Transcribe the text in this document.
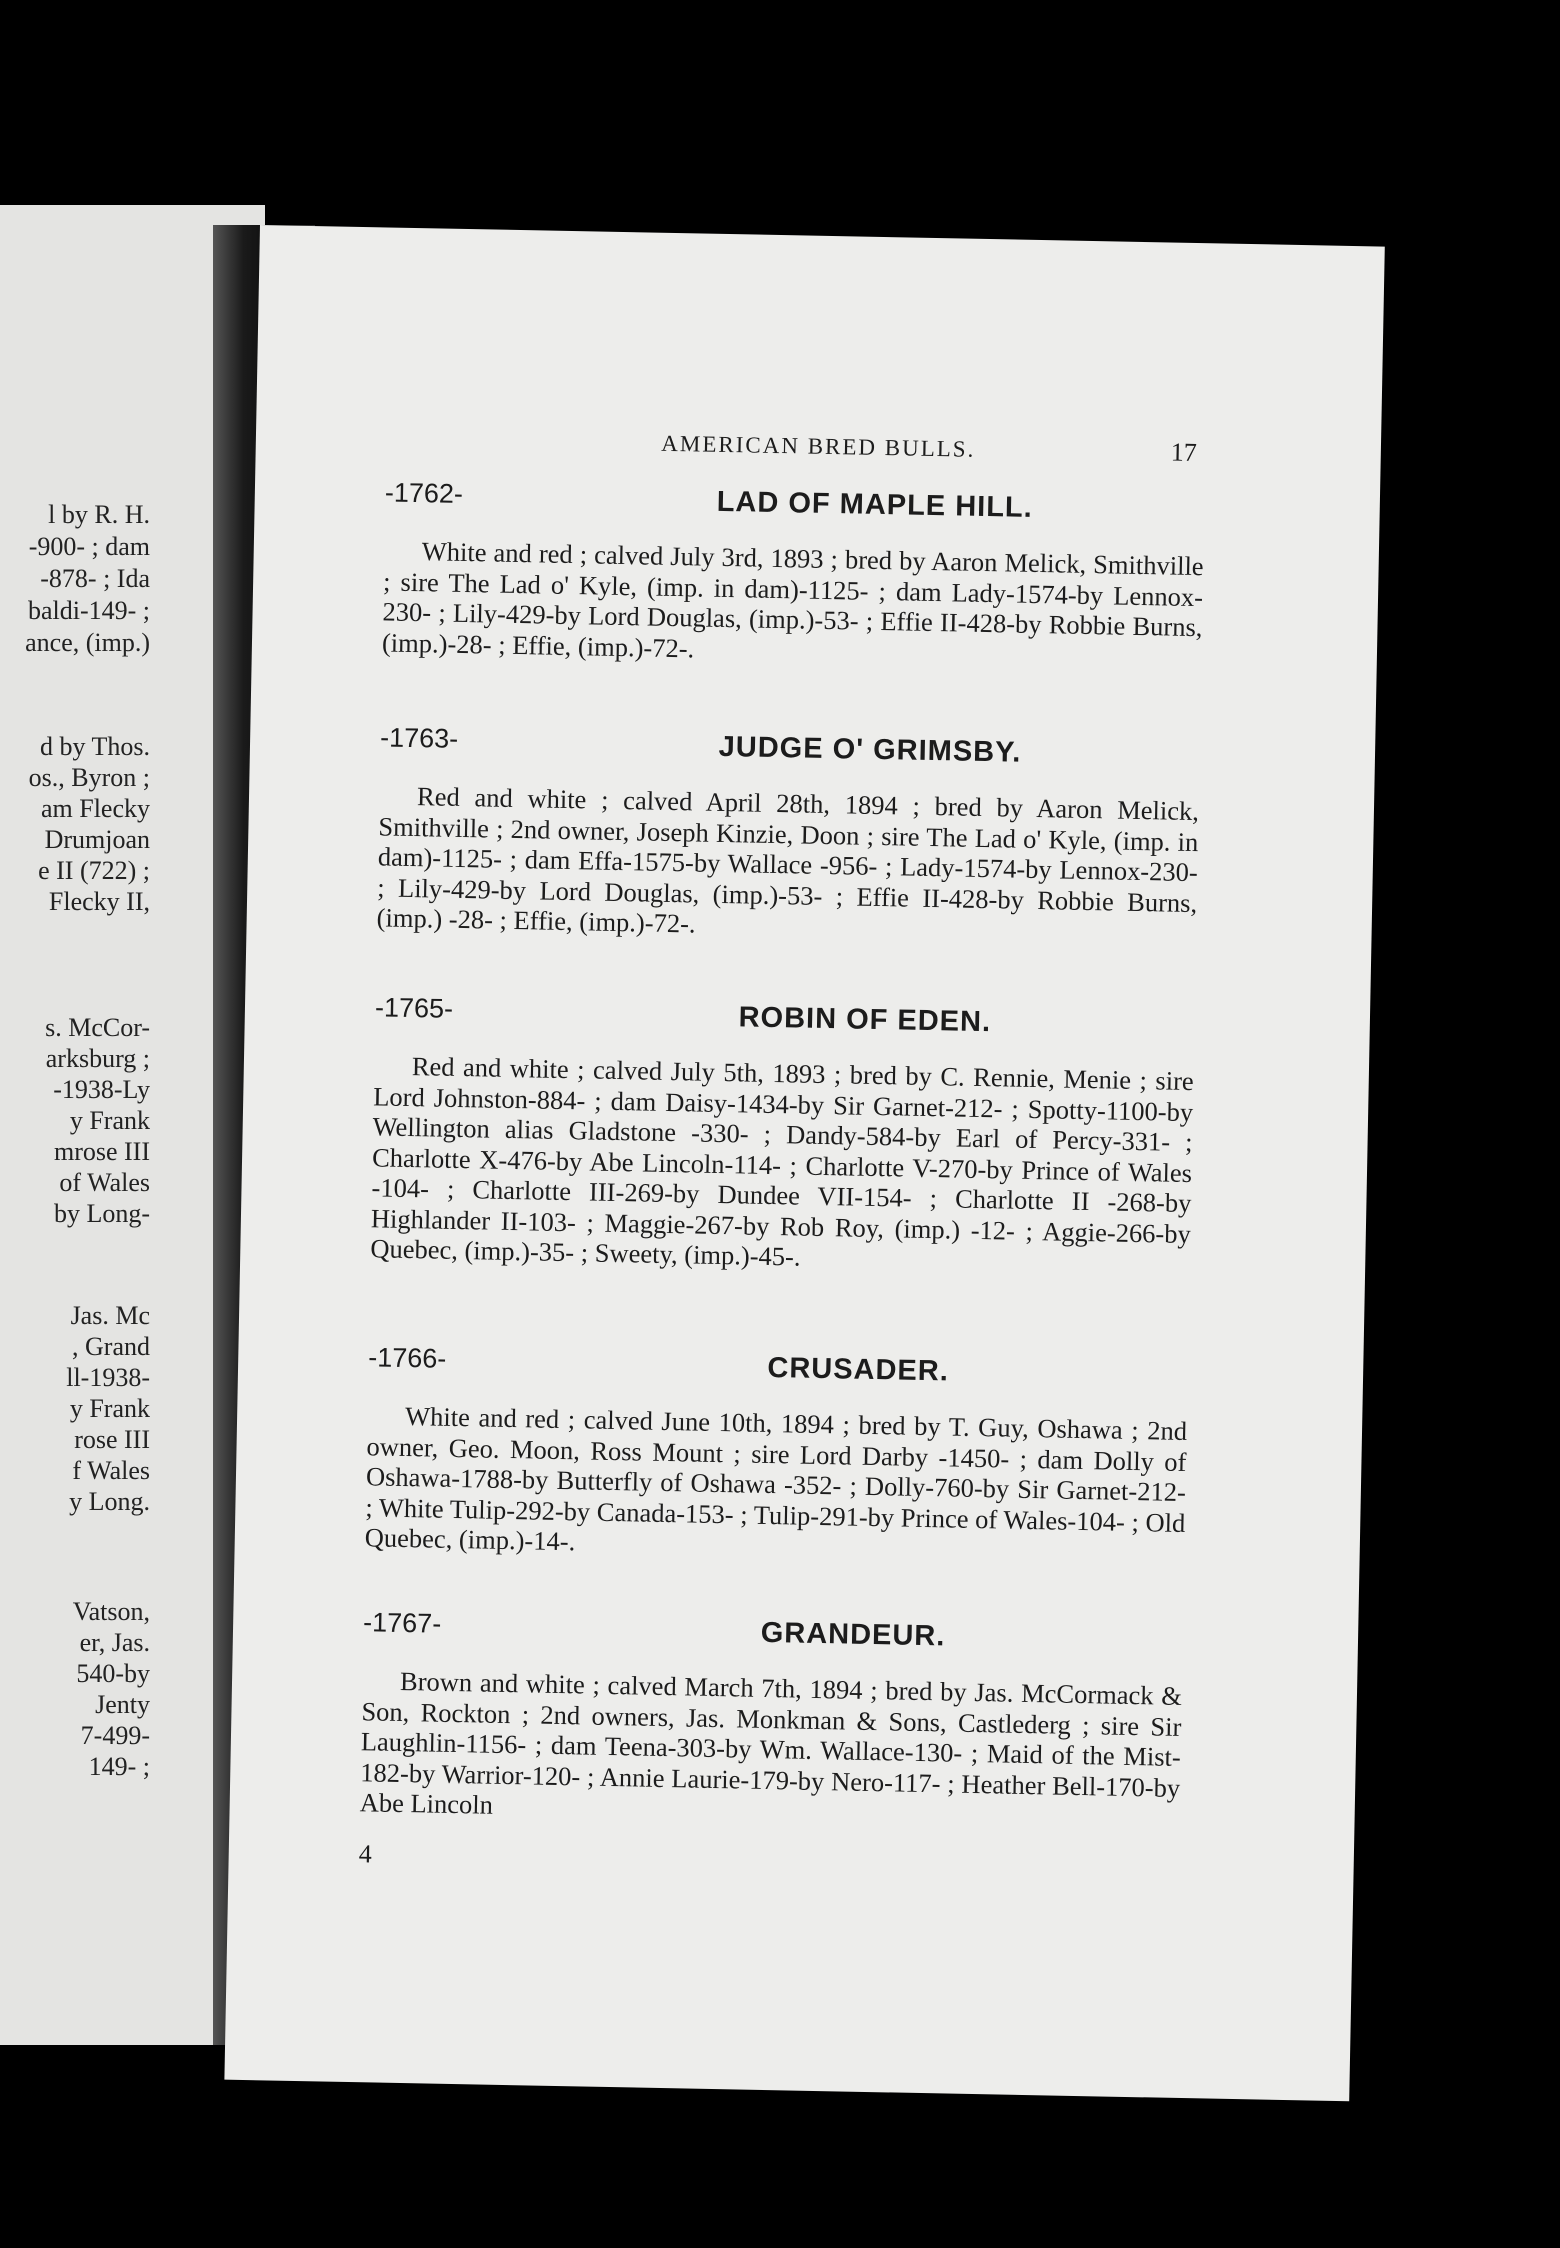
l by R. H.
-900- ; dam
-878- ; Ida
baldi-149- ;
ance, (imp.)
d by Thos.
os., Byron ;
am Flecky
Drumjoan
e II (722) ;
Flecky II,
s. McCor-
arksburg ;
-1938-Ly
y Frank
mrose III
of Wales
by Long-
Jas. Mc
, Grand
ll-1938-
y Frank
rose III
f Wales
y Long.
Vatson,
er, Jas.
540-by
Jenty
7-499-
149- ;
AMERICAN BRED BULLS.	17
-1762-	LAD OF MAPLE HILL.
White and red ; calved July 3rd, 1893 ; bred by Aaron Melick, Smithville ; sire The Lad o' Kyle, (imp. in dam)-1125- ; dam Lady-1574-by Lennox-230- ; Lily-429-by Lord Douglas, (imp.)-53- ; Effie II-428-by Robbie Burns, (imp.)-28- ; Effie, (imp.)-72-.
-1763-	JUDGE O' GRIMSBY.
Red and white ; calved April 28th, 1894 ; bred by Aaron Melick, Smithville ; 2nd owner, Joseph Kinzie, Doon ; sire The Lad o' Kyle, (imp. in dam)-1125- ; dam Effa-1575-by Wallace -956- ; Lady-1574-by Lennox-230- ; Lily-429-by Lord Douglas, (imp.)-53- ; Effie II-428-by Robbie Burns, (imp.) -28- ; Effie, (imp.)-72-.
-1765-	ROBIN OF EDEN.
Red and white ; calved July 5th, 1893 ; bred by C. Rennie, Menie ; sire Lord Johnston-884- ; dam Daisy-1434-by Sir Garnet-212- ; Spotty-1100-by Wellington alias Gladstone -330- ; Dandy-584-by Earl of Percy-331- ; Charlotte X-476-by Abe Lincoln-114- ; Charlotte V-270-by Prince of Wales -104- ; Charlotte III-269-by Dundee VII-154- ; Charlotte II -268-by Highlander II-103- ; Maggie-267-by Rob Roy, (imp.) -12- ; Aggie-266-by Quebec, (imp.)-35- ; Sweety, (imp.)-45-.
-1766-	CRUSADER.
White and red ; calved June 10th, 1894 ; bred by T. Guy, Oshawa ; 2nd owner, Geo. Moon, Ross Mount ; sire Lord Darby -1450- ; dam Dolly of Oshawa-1788-by Butterfly of Oshawa -352- ; Dolly-760-by Sir Garnet-212- ; White Tulip-292-by Canada-153- ; Tulip-291-by Prince of Wales-104- ; Old Quebec, (imp.)-14-.
-1767-	GRANDEUR.
Brown and white ; calved March 7th, 1894 ; bred by Jas. McCormack & Son, Rockton ; 2nd owners, Jas. Monkman & Sons, Castlederg ; sire Sir Laughlin-1156- ; dam Teena-303-by Wm. Wallace-130- ; Maid of the Mist-182-by Warrior-120- ; Annie Laurie-179-by Nero-117- ; Heather Bell-170-by Abe Lincoln
4
